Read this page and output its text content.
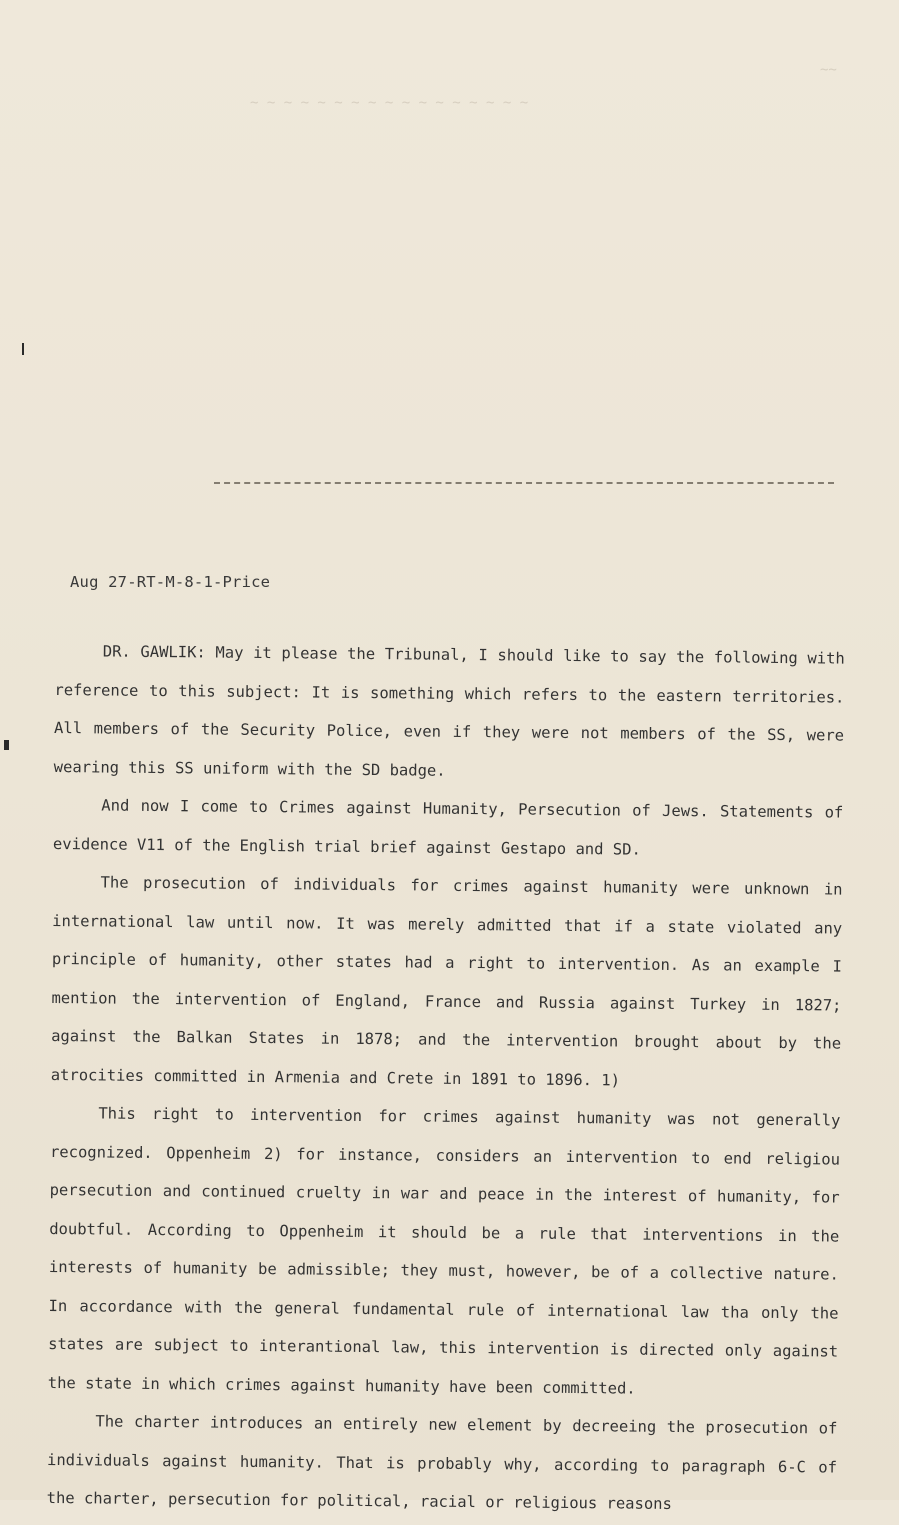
~ ~ ~ ~ ~ ~ ~ ~ ~ ~ ~ ~ ~ ~ ~ ~ ~
~~
Aug 27-RT-M-8-1-Price

DR. GAWLIK: May it please the Tribunal, I should like to say the following with reference to this subject: It is something which refers to the eastern territories. All members of the Security Police, even if they were not members of the SS, were wearing this SS uniform with the SD badge.

And now I come to Crimes against Humanity, Persecution of Jews. Statements of evidence V11 of the English trial brief against Gestapo and SD.

The prosecution of individuals for crimes against humanity were unknown in international law until now. It was merely admitted that if a state violated any principle of humanity, other states had a right to intervention. As an example I mention the intervention of England, France and Russia against Turkey in 1827; against the Balkan States in 1878; and the intervention brought about by the atrocities committed in Armenia and Crete in 1891 to 1896. 1)

This right to intervention for crimes against humanity was not generally recognized. Oppenheim 2) for instance, considers an intervention to end religiou persecution and continued cruelty in war and peace in the interest of humanity, for doubtful. According to Oppenheim it should be a rule that interventions in the interests of humanity be admissible; they must, however, be of a collective nature. In accordance with the general fundamental rule of international law tha only the states are subject to interantional law, this intervention is directed only against the state in which crimes against humanity have been committed.

The charter introduces an entirely new element by decreeing the prosecution of individuals against humanity. That is probably why, according to paragraph 6-C of the charter, persecution for political, racial or religious reasons
